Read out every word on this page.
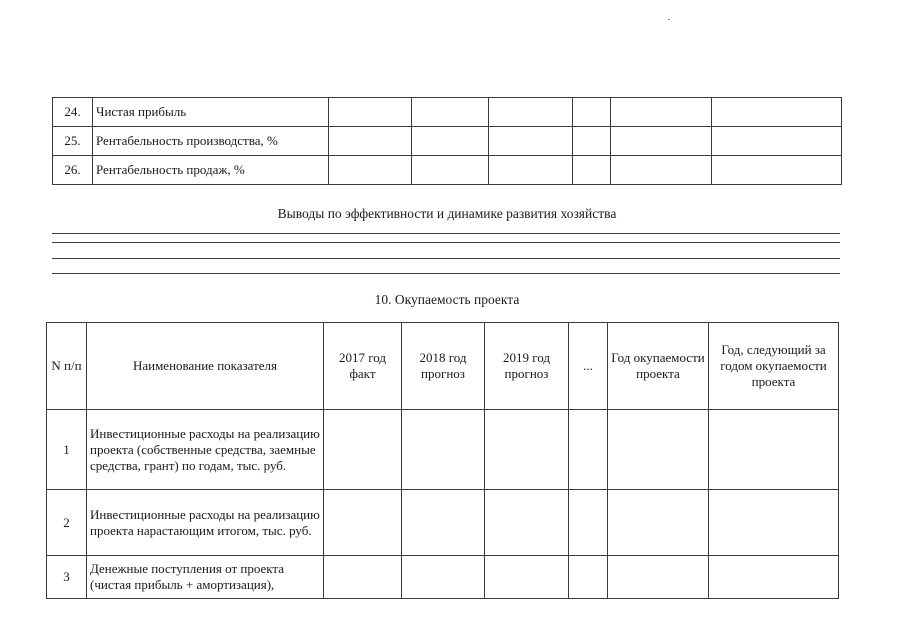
24.	Чистая прибыль						
25.	Рентабельность производства, %						
26.	Рентабельность продаж, %						
Выводы по эффективности и динамике развития хозяйства
10. Окупаемость проекта
N п/п	Наименование показателя	2017 год факт	2018 год прогноз	2019 год прогноз	...	Год окупаемости проекта	Год, следующий за годом окупаемости проекта
1	Инвестиционные расходы на реализацию проекта (собственные средства, заемные средства, грант) по годам, тыс. руб.						
2	Инвестиционные расходы на реализацию проекта нарастающим итогом, тыс. руб.						
3	Денежные поступления от проекта (чистая прибыль + амортизация),						
